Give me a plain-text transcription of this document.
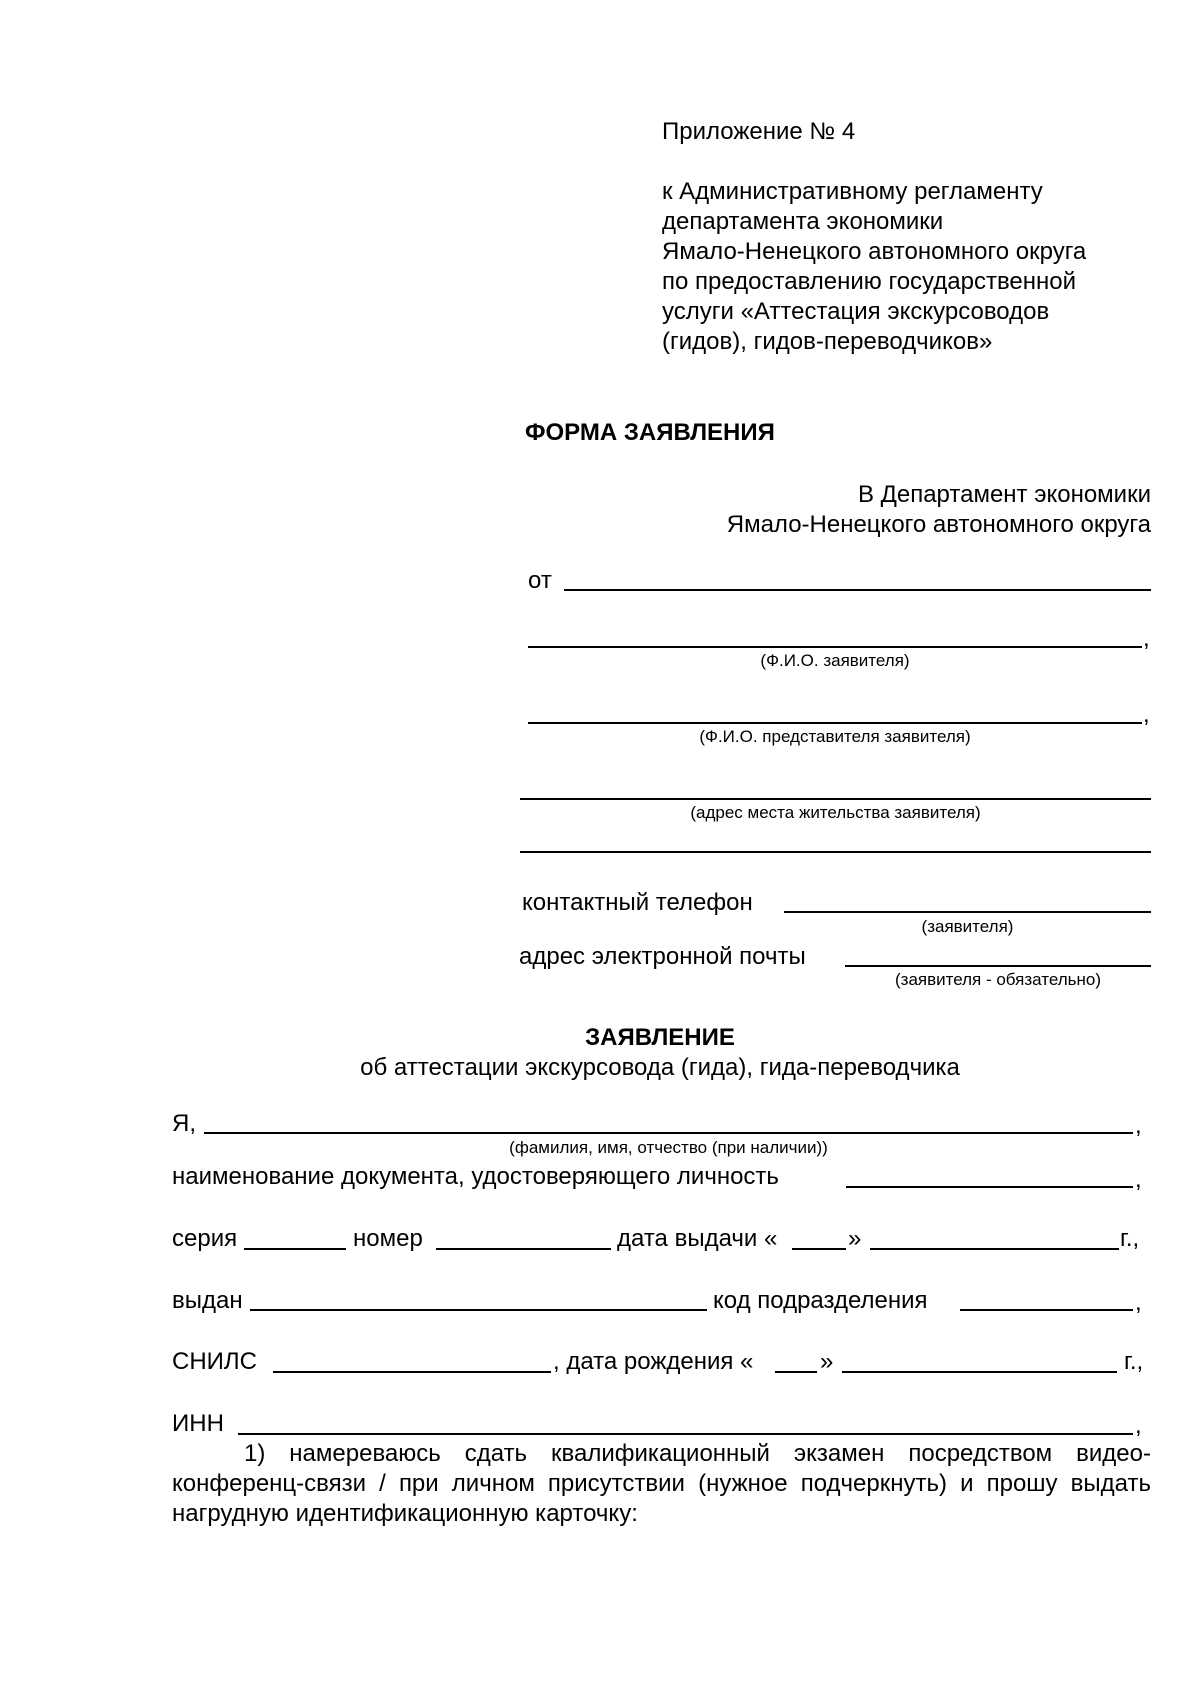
Приложение № 4
к Административному регламенту
департамента экономики
Ямало-Ненецкого автономного округа
по предоставлению государственной
услуги «Аттестация экскурсоводов
(гидов), гидов-переводчиков»
ФОРМА ЗАЯВЛЕНИЯ
В Департамент экономики
Ямало-Ненецкого автономного округа
от
,
(Ф.И.О. заявителя)
,
(Ф.И.О. представителя заявителя)
(адрес места жительства заявителя)
контактный телефон
(заявителя)
адрес электронной почты
(заявителя - обязательно)
ЗАЯВЛЕНИЕ
об аттестации экскурсовода (гида), гида-переводчика
Я,	,
(фамилия, имя, отчество (при наличии))
наименование документа, удостоверяющего личность	,
серия	номер	дата выдачи «	»	г.,
выдан	код подразделения	,
СНИЛС	, дата рождения «	»	г.,
ИНН	,
1) намереваюсь сдать квалификационный экзамен посредством видео-конференц-связи / при личном присутствии (нужное подчеркнуть) и прошу выдать нагрудную идентификационную карточку:
